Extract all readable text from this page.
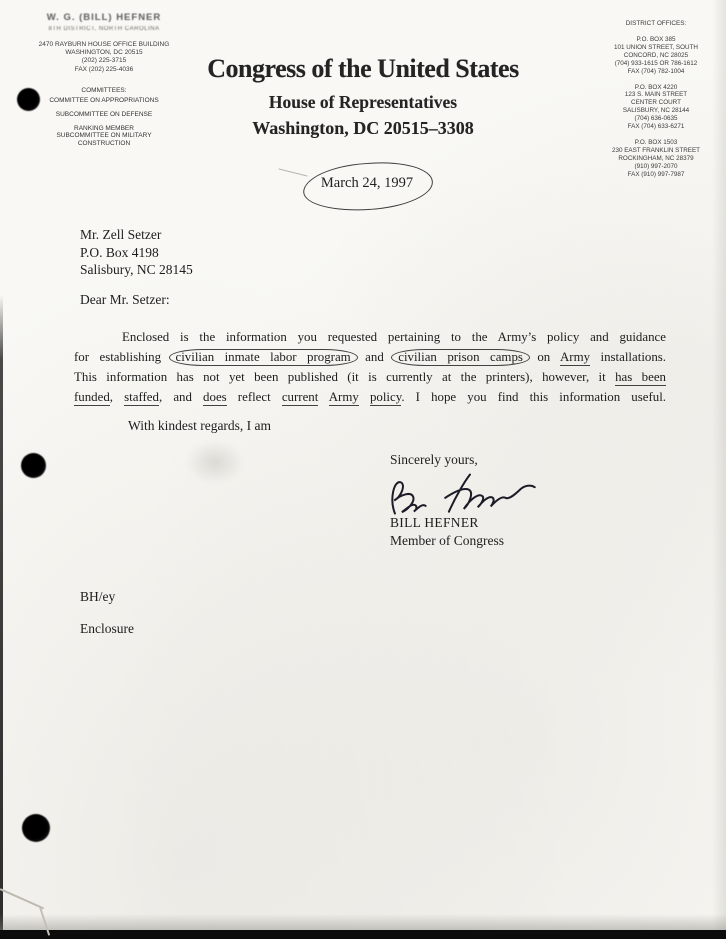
W. G. (BILL) HEFNER
8TH DISTRICT, NORTH CAROLINA
2470 RAYBURN HOUSE OFFICE BUILDING
WASHINGTON, DC 20515
(202) 225-3715
FAX (202) 225-4036
COMMITTEES:
COMMITTEE ON APPROPRIATIONS
SUBCOMMITTEE ON DEFENSE
RANKING MEMBER
SUBCOMMITTEE ON MILITARY
CONSTRUCTION
Congress of the United States
House of Representatives
Washington, DC 20515–3308
DISTRICT OFFICES:
P.O. BOX 385
101 UNION STREET, SOUTH
CONCORD, NC 28025
(704) 933-1615 OR 786-1612
FAX (704) 782-1004
P.O. BOX 4220
123 S. MAIN STREET
CENTER COURT
SALISBURY, NC 28144
(704) 636-0635
FAX (704) 633-6271
P.O. BOX 1503
230 EAST FRANKLIN STREET
ROCKINGHAM, NC 28379
(910) 997-2070
FAX (910) 997-7987
March 24, 1997
Mr. Zell Setzer
P.O. Box 4198
Salisbury, NC 28145
Dear Mr. Setzer:
Enclosed is the information you requested pertaining to the Army’s policy and guidance
for establishing civilian inmate labor program and civilian prison camps on Army installations.
This information has not yet been published (it is currently at the printers), however, it has been
funded, staffed, and does reflect current Army policy. I hope you find this information useful.
With kindest regards, I am
Sincerely yours,
BILL HEFNER
Member of Congress
BH/ey
Enclosure
